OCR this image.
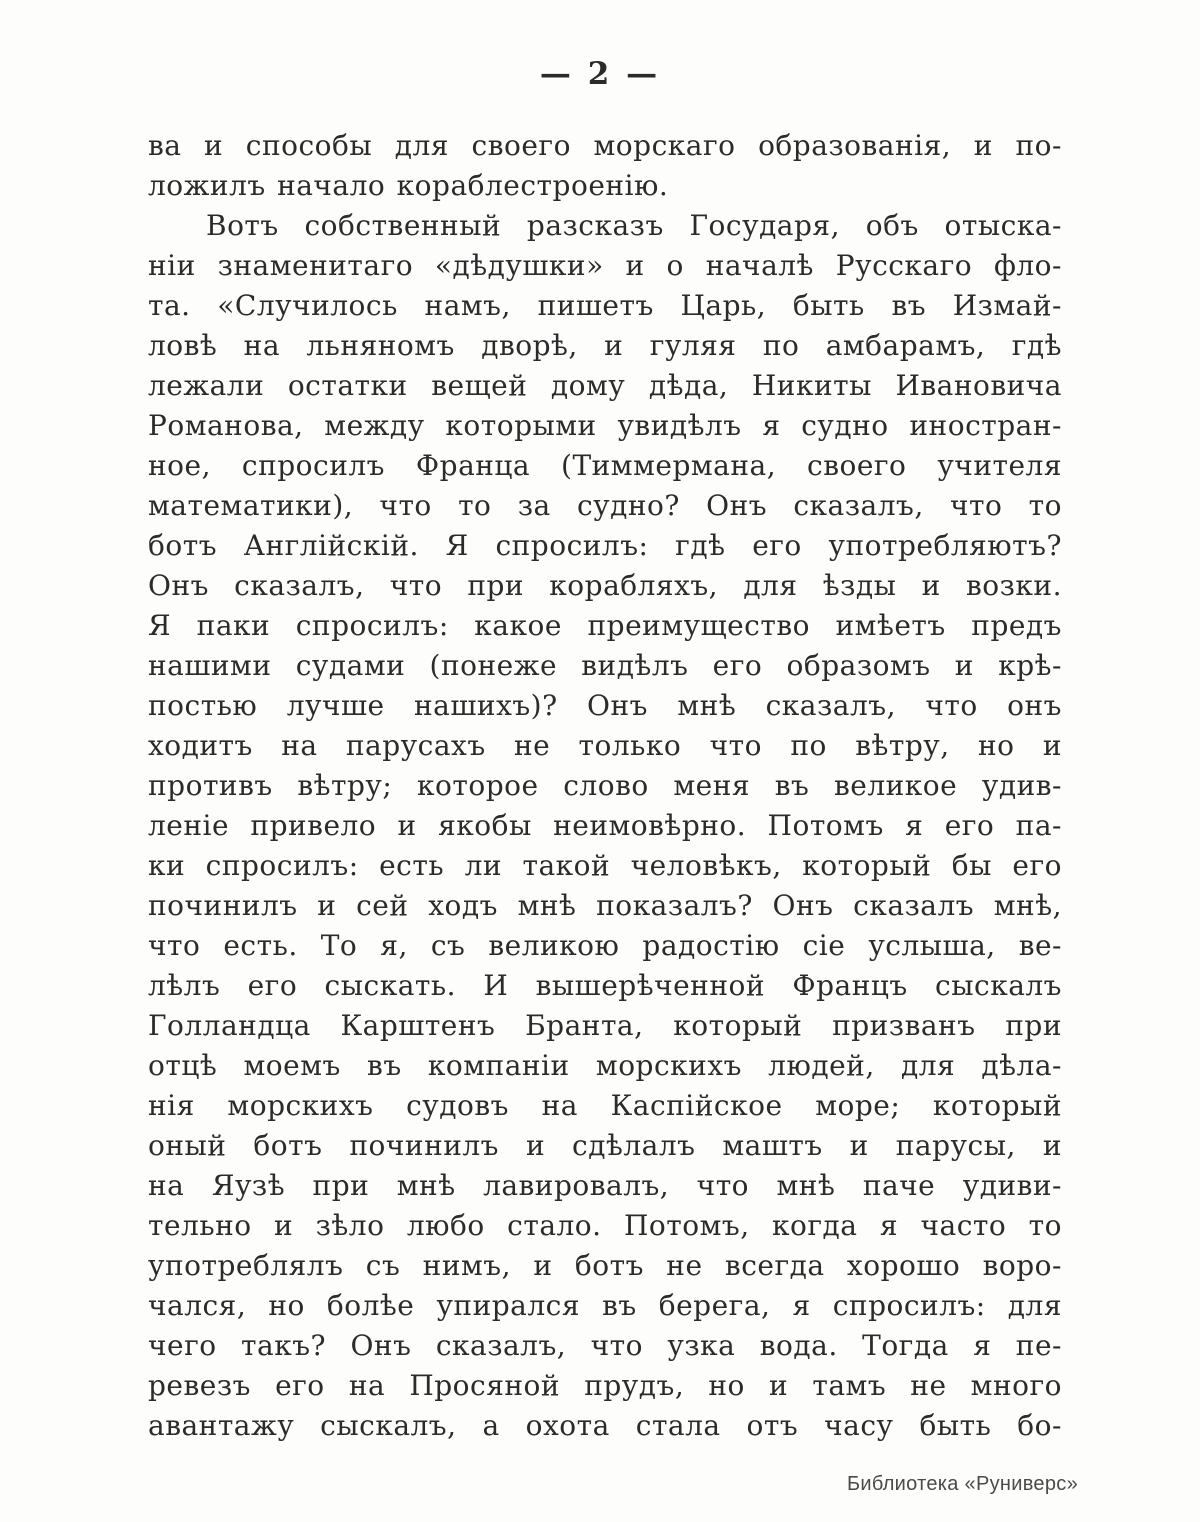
— 2 —
ва и способы для своего морскаго образованія, и по-
ложилъ начало кораблестроенію.
Вотъ собственный разсказъ Государя, объ отыска-
ніи знаменитаго «дѣдушки» и о началѣ Русскаго фло-
та. «Случилось намъ, пишетъ Царь, быть въ Измай-
ловѣ на льняномъ дворѣ, и гуляя по амбарамъ, гдѣ
лежали остатки вещей дому дѣда, Никиты Ивановича
Романова, между которыми увидѣлъ я судно иностран-
ное, спросилъ Франца (Тиммермана, своего учителя
математики), что то за судно? Онъ сказалъ, что то
ботъ Англійскій. Я спросилъ: гдѣ его употребляютъ?
Онъ сказалъ, что при корабляхъ, для ѣзды и возки.
Я паки спросилъ: какое преимущество имѣетъ предъ
нашими судами (понеже видѣлъ его образомъ и крѣ-
постью лучше нашихъ)? Онъ мнѣ сказалъ, что онъ
ходитъ на парусахъ не только что по вѣтру, но и
противъ вѣтру; которое слово меня въ великое удив-
леніе привело и якобы неимовѣрно. Потомъ я его па-
ки спросилъ: есть ли такой человѣкъ, который бы его
починилъ и сей ходъ мнѣ показалъ? Онъ сказалъ мнѣ,
что есть. То я, съ великою радостію сіе услыша, ве-
лѣлъ его сыскать. И вышерѣченной Францъ сыскалъ
Голландца Карштенъ Бранта, который призванъ при
отцѣ моемъ въ компаніи морскихъ людей, для дѣла-
нія морскихъ судовъ на Каспійское море; который
оный ботъ починилъ и сдѣлалъ маштъ и парусы, и
на Яузѣ при мнѣ лавировалъ, что мнѣ паче удиви-
тельно и зѣло любо стало. Потомъ, когда я часто то
употреблялъ съ нимъ, и ботъ не всегда хорошо воро-
чался, но болѣе упирался въ берега, я спросилъ: для
чего такъ? Онъ сказалъ, что узка вода. Тогда я пе-
ревезъ его на Просяной прудъ, но и тамъ не много
авантажу сыскалъ, а охота стала отъ часу быть бо-
Библиотека «Руниверс»
